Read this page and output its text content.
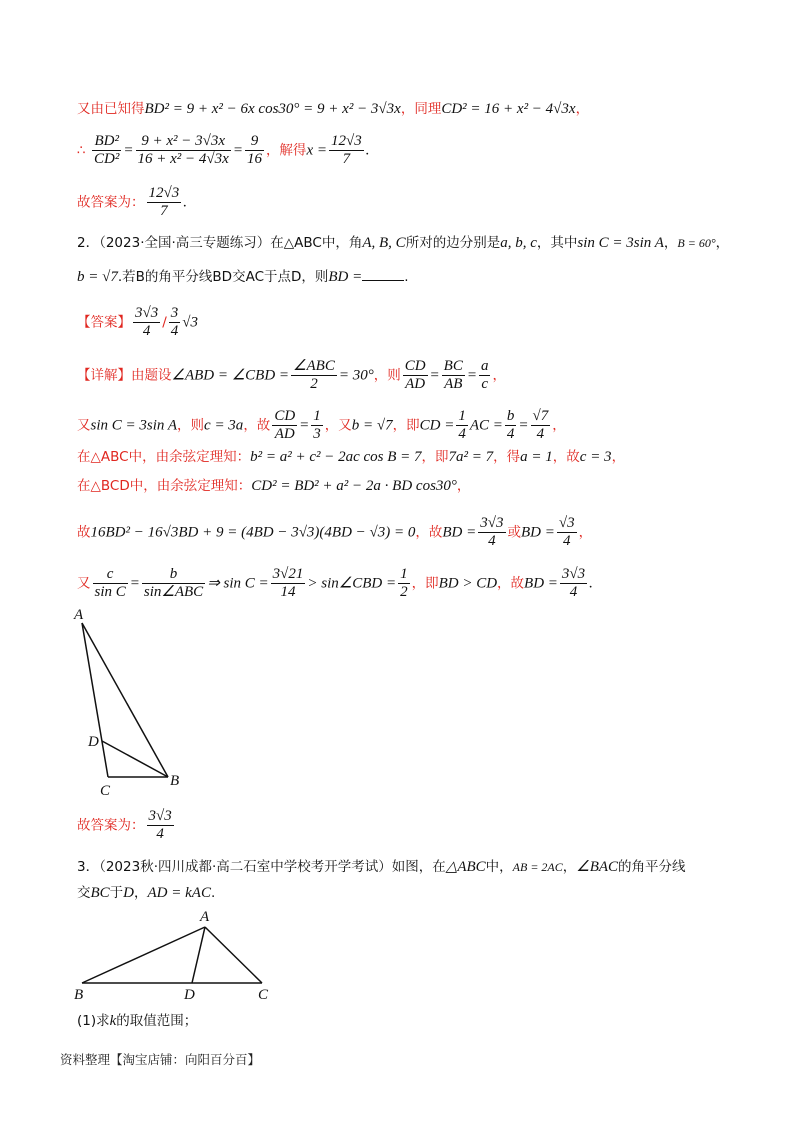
又由已知得BD² = 9 + x² − 6x cos30° = 9 + x² − 3√3x，同理CD² = 16 + x² − 4√3x，
∴ $\frac{\text{BD²}}{\text{CD²}} = \frac{\text{9 + x² − 3√3x}}{\text{16 + x² − 4√3x}} = \frac{9}{16}$ ，解得$x = \frac{12√3}{7}$ .
故答案为： $\frac{12√3}{7}$ .
2．（2023·全国·高三专题练习）在△ABC中，角A, B, C所对的边分别是a, b, c，其中sin C = 3sin A，B = 60°，
b = √7.若B的角平分线BD交AC于点D，则BD =	.
【答案】 $\frac{3√3}{4} / \frac{3}{4} √3$
【详解】由题设∠ABD = ∠CBD = $\frac{\text{∠ABC}}{2} = 30^\circ$，则 $\frac{CD}{AD} = \frac{BC}{AB} = \frac{a}{c}$ ，
又sin C = 3sin A，则c = 3a，故 $\frac{CD}{AD} = \frac{1}{3}$ ，又b = √7，即CD = $\frac{1}{4}$ AC = $\frac{b}{4} = \frac{√7}{4}$ ，
在△ABC中，由余弦定理知：b² = a² + c² − 2ac cos B = 7，即7a² = 7，得a = 1，故c = 3，
在△BCD中，由余弦定理知：CD² = BD² + a² − 2a · BD cos30°，
故16BD² − 16√3BD + 9 = (4BD − 3√3)(4BD − √3) = 0，故BD = $\frac{3√3}{4}$ 或BD = $\frac{√3}{4}$ ，
又 $\frac{c}{\text{sin C}} = \frac{b}{\text{sin∠ABC}}$ ⇒ $\sin C = \frac{3√21}{14}$ > sin∠CBD = $\frac{1}{2}$ ，即BD > CD，故BD = $\frac{3√3}{4}$ .
A
B
C
D
故答案为： $\frac{3√3}{4}$
3．（2023秋·四川成都·高二石室中学校考开学考试）如图，在△ABC中，AB = 2AC，∠BAC的角平分线
交BC于D，AD = kAC.
A
B	C
D
(1)求k的取值范围；
资料整理【淘宝店铺：向阳百分百】
